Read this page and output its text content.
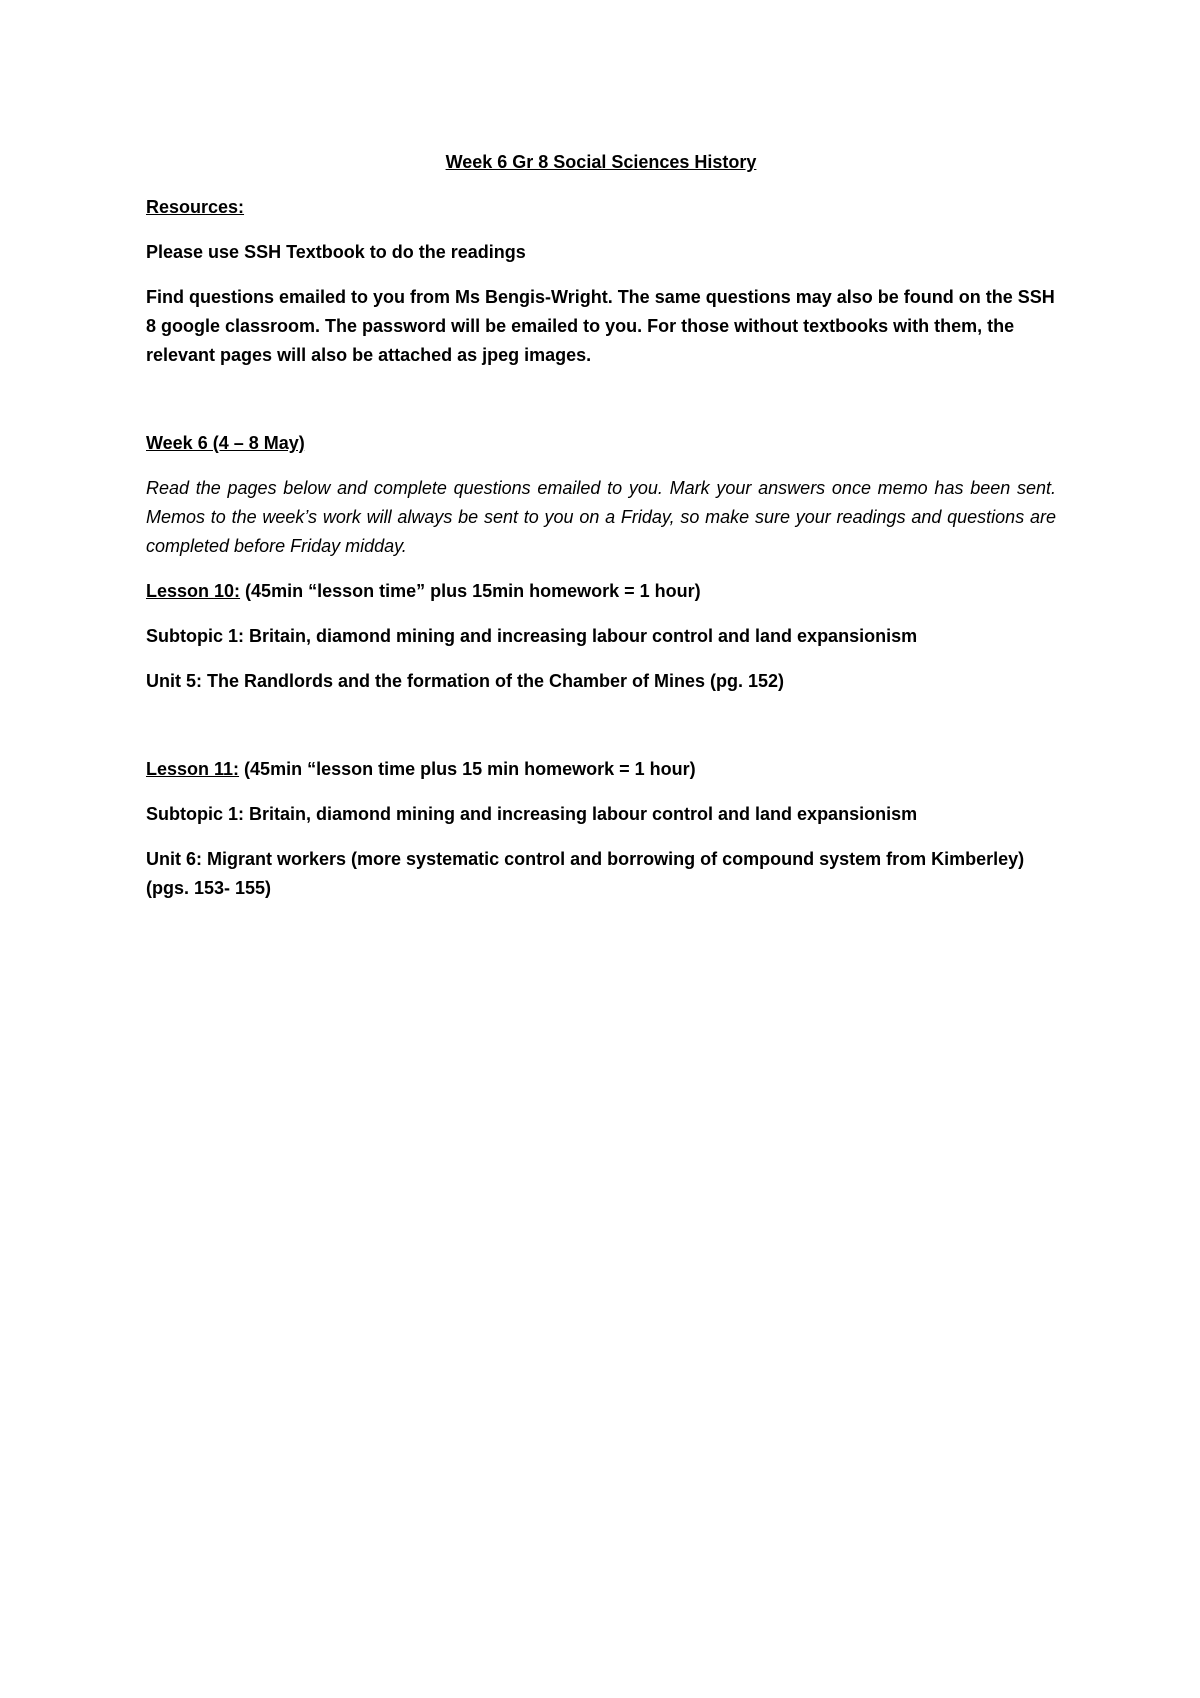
Week 6 Gr 8 Social Sciences History

Resources:

Please use SSH Textbook to do the readings

Find questions emailed to you from Ms Bengis-Wright. The same questions may also be found on the SSH 8 google classroom. The password will be emailed to you. For those without textbooks with them, the relevant pages will also be attached as jpeg images.

Week 6 (4 – 8 May)

Read the pages below and complete questions emailed to you. Mark your answers once memo has been sent. Memos to the week’s work will always be sent to you on a Friday, so make sure your readings and questions are completed before Friday midday.

Lesson 10: (45min “lesson time” plus 15min homework = 1 hour)

Subtopic 1: Britain, diamond mining and increasing labour control and land expansionism

Unit 5: The Randlords and the formation of the Chamber of Mines (pg. 152)

Lesson 11: (45min “lesson time plus 15 min homework = 1 hour)

Subtopic 1: Britain, diamond mining and increasing labour control and land expansionism

Unit 6: Migrant workers (more systematic control and borrowing of compound system from Kimberley) (pgs. 153- 155)
